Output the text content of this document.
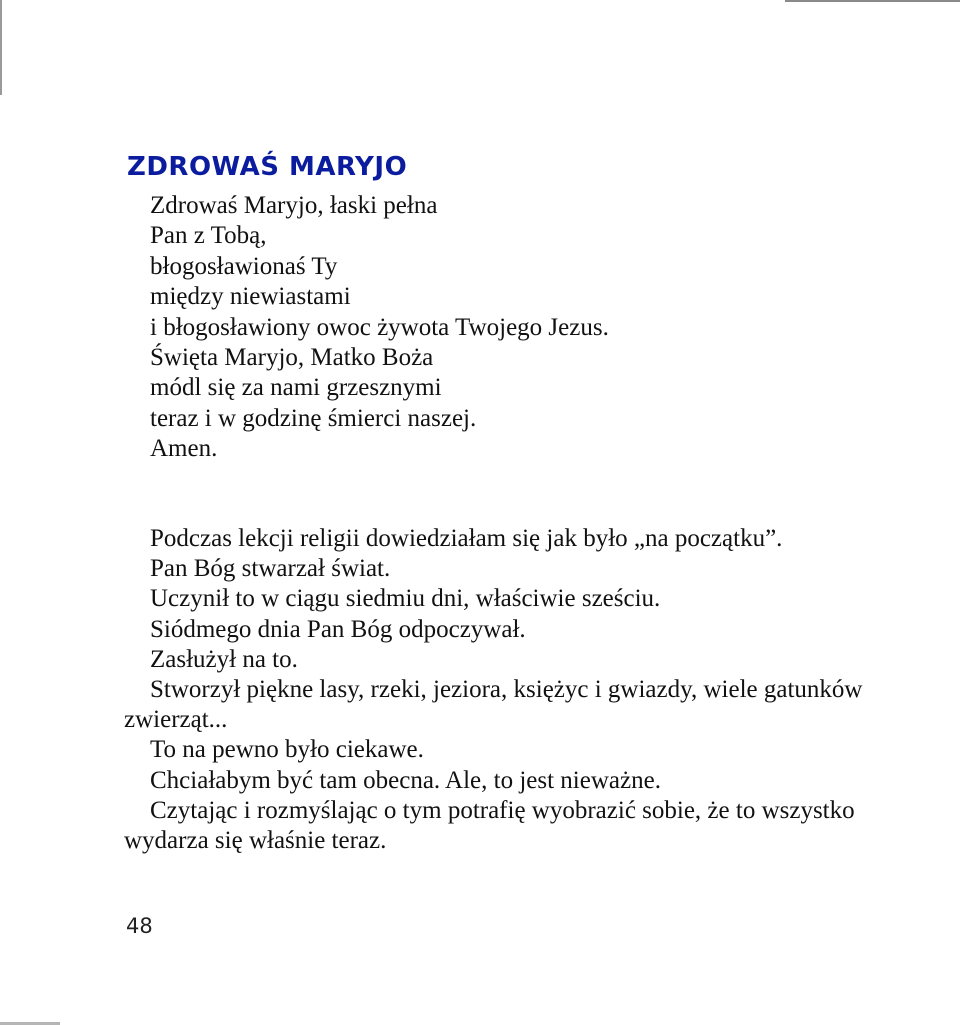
ZDROWAŚ MARYJO
Zdrowaś Maryjo, łaski pełna
Pan z Tobą,
błogosławionaś Ty
między niewiastami
i błogosławiony owoc żywota Twojego Jezus.
Święta Maryjo, Matko Boża
módl się za nami grzesznymi
teraz i w godzinę śmierci naszej.
Amen.
Podczas lekcji religii dowiedziałam się jak było „na początku”.
Pan Bóg stwarzał świat.
Uczynił to w ciągu siedmiu dni, właściwie sześciu.
Siódmego dnia Pan Bóg odpoczywał.
Zasłużył na to.
Stworzył piękne lasy, rzeki, jeziora, księżyc i gwiazdy, wiele gatunków zwierząt...
To na pewno było ciekawe.
Chciałabym być tam obecna. Ale, to jest nieważne.
Czytając i rozmyślając o tym potrafię wyobrazić sobie, że to wszystko wydarza się właśnie teraz.

48
